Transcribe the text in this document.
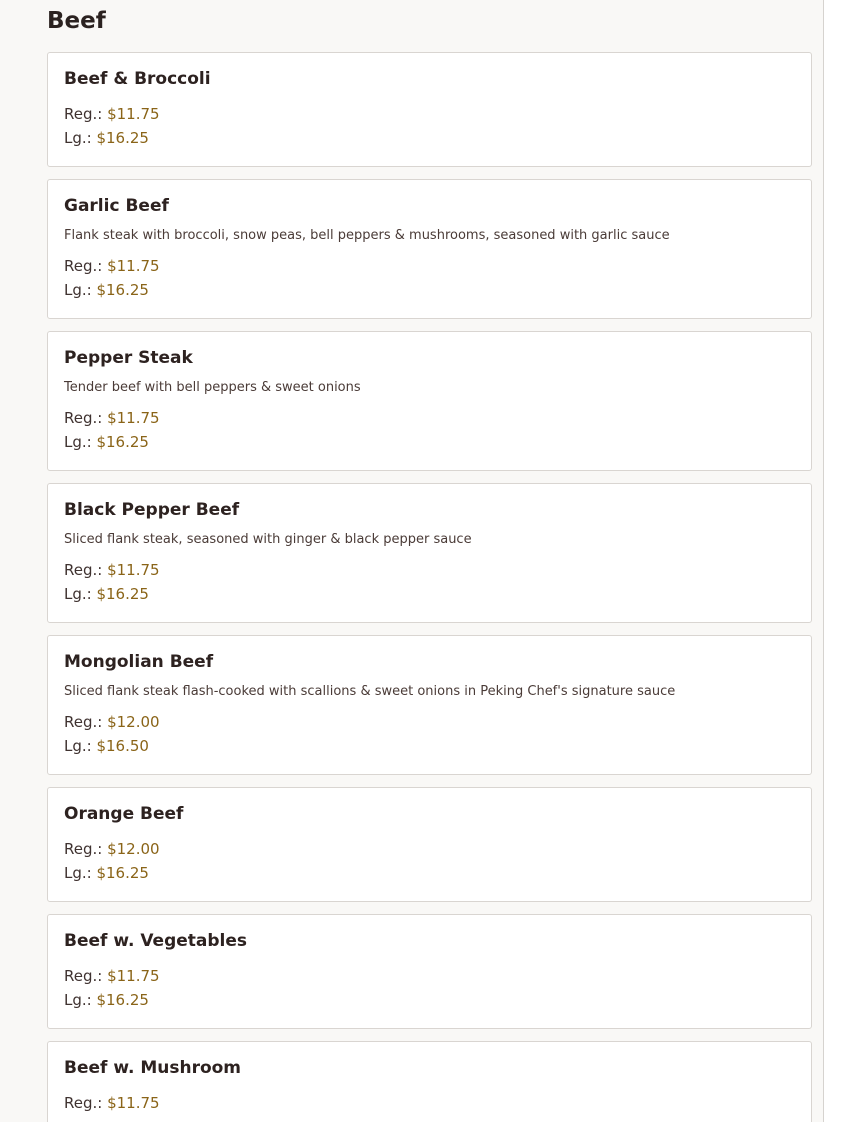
Beef
Beef & Broccoli
Reg.: $11.75
Lg.: $16.25
Garlic Beef
Flank steak with broccoli, snow peas, bell peppers & mushrooms, seasoned with garlic sauce
Reg.: $11.75
Lg.: $16.25
Pepper Steak
Tender beef with bell peppers & sweet onions
Reg.: $11.75
Lg.: $16.25
Black Pepper Beef
Sliced flank steak, seasoned with ginger & black pepper sauce
Reg.: $11.75
Lg.: $16.25
Mongolian Beef
Sliced flank steak flash-cooked with scallions & sweet onions in Peking Chef's signature sauce
Reg.: $12.00
Lg.: $16.50
Orange Beef
Reg.: $12.00
Lg.: $16.25
Beef w. Vegetables
Reg.: $11.75
Lg.: $16.25
Beef w. Mushroom
Reg.: $11.75
